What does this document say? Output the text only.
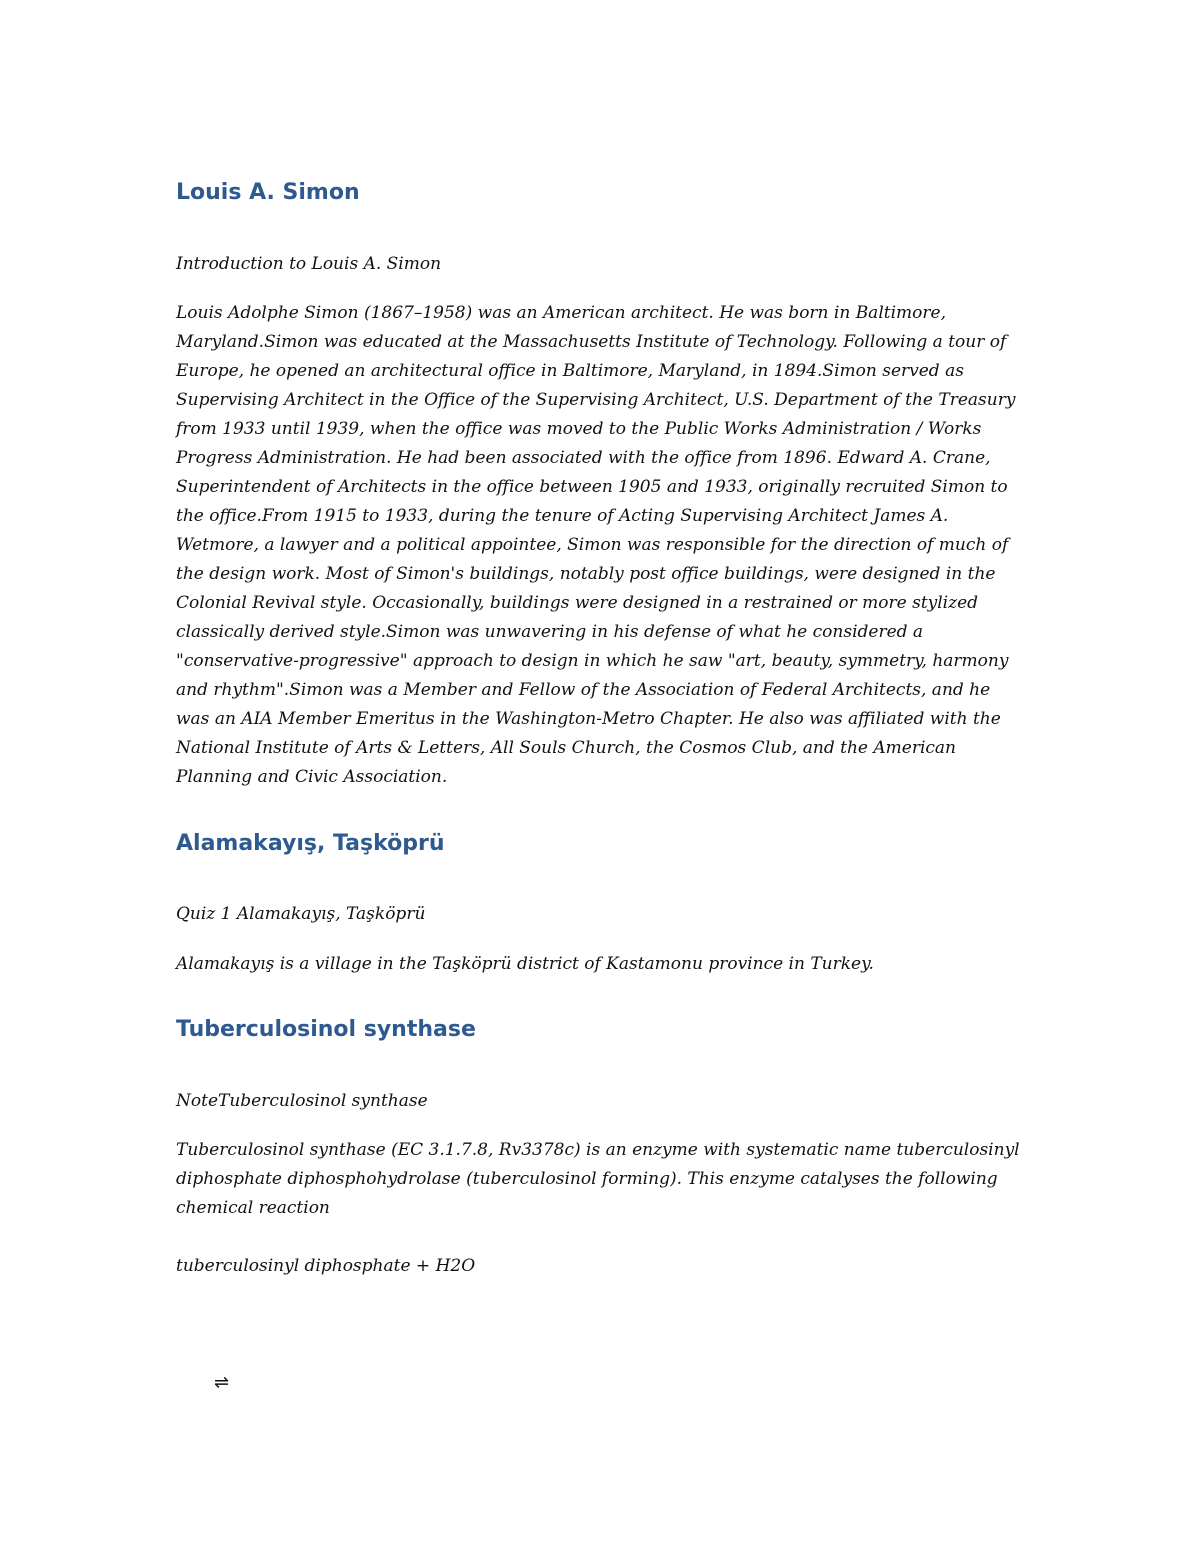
Louis A. Simon

Introduction to Louis A. Simon

Louis Adolphe Simon (1867–1958) was an American architect. He was born in Baltimore, Maryland.Simon was educated at the Massachusetts Institute of Technology. Following a tour of Europe, he opened an architectural office in Baltimore, Maryland, in 1894.Simon served as Supervising Architect in the Office of the Supervising Architect, U.S. Department of the Treasury from 1933 until 1939, when the office was moved to the Public Works Administration / Works Progress Administration. He had been associated with the office from 1896. Edward A. Crane, Superintendent of Architects in the office between 1905 and 1933, originally recruited Simon to the office.From 1915 to 1933, during the tenure of Acting Supervising Architect James A. Wetmore, a lawyer and a political appointee, Simon was responsible for the direction of much of the design work. Most of Simon's buildings, notably post office buildings, were designed in the Colonial Revival style. Occasionally, buildings were designed in a restrained or more stylized classically derived style.Simon was unwavering in his defense of what he considered a "conservative-progressive" approach to design in which he saw "art, beauty, symmetry, harmony and rhythm".Simon was a Member and Fellow of the Association of Federal Architects, and he was an AIA Member Emeritus in the Washington-Metro Chapter. He also was affiliated with the National Institute of Arts & Letters, All Souls Church, the Cosmos Club, and the American Planning and Civic Association.

Alamakayış, Taşköprü

Quiz 1 Alamakayış, Taşköprü

Alamakayış is a village in the Taşköprü district of Kastamonu province in Turkey.

Tuberculosinol synthase

NoteTuberculosinol synthase

Tuberculosinol synthase (EC 3.1.7.8, Rv3378c) is an enzyme with systematic name tuberculosinyl diphosphate diphosphohydrolase (tuberculosinol forming). This enzyme catalyses the following chemical reaction

tuberculosinyl diphosphate + H2O

⇌
